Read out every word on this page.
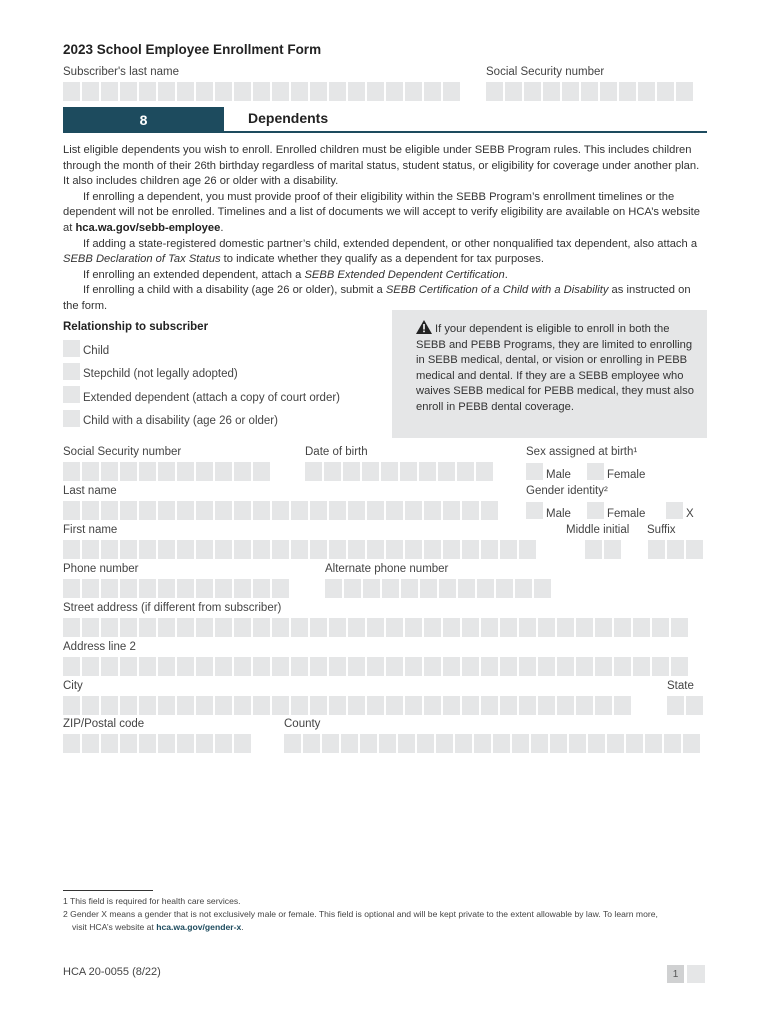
2023 School Employee Enrollment Form
Subscriber's last name	Social Security number
8	Dependents

List eligible dependents you wish to enroll. Enrolled children must be eligible under SEBB Program rules. This includes children through the month of their 26th birthday regardless of marital status, student status, or eligibility for coverage under another plan. It also includes children age 26 or older with a disability.

If enrolling a dependent, you must provide proof of their eligibility within the SEBB Program’s enrollment timelines or the dependent will not be enrolled. Timelines and a list of documents we will accept to verify eligibility are available on HCA’s website at hca.wa.gov/sebb-employee.

If adding a state-registered domestic partner’s child, extended dependent, or other nonqualified tax dependent, also attach a SEBB Declaration of Tax Status to indicate whether they qualify as a dependent for tax purposes.

If enrolling an extended dependent, attach a SEBB Extended Dependent Certification.

If enrolling a child with a disability (age 26 or older), submit a SEBB Certification of a Child with a Disability as instructed on the form.

Relationship to subscriber
Child
Stepchild (not legally adopted)
Extended dependent (attach a copy of court order)
Child with a disability (age 26 or older)
If your dependent is eligible to enroll in both the SEBB and PEBB Programs, they are limited to enrolling in SEBB medical, dental, or vision or enrolling in PEBB medical and dental. If they are a SEBB employee who waives SEBB medical for PEBB medical, they must also enroll in PEBB dental coverage.
Social Security number	Date of birth	Sex assigned at birth¹
Male	Female
Last name	Gender identity²
Male	Female	X
First name	Middle initial Suffix
Phone number	Alternate phone number
Street address (if different from subscriber)
Address line 2
City	State
ZIP/Postal code	County
1 This field is required for health care services.
2 Gender X means a gender that is not exclusively male or female. This field is optional and will be kept private to the extent allowable by law. To learn more,
visit HCA’s website at hca.wa.gov/gender-x.
HCA 20-0055 (8/22)	1
